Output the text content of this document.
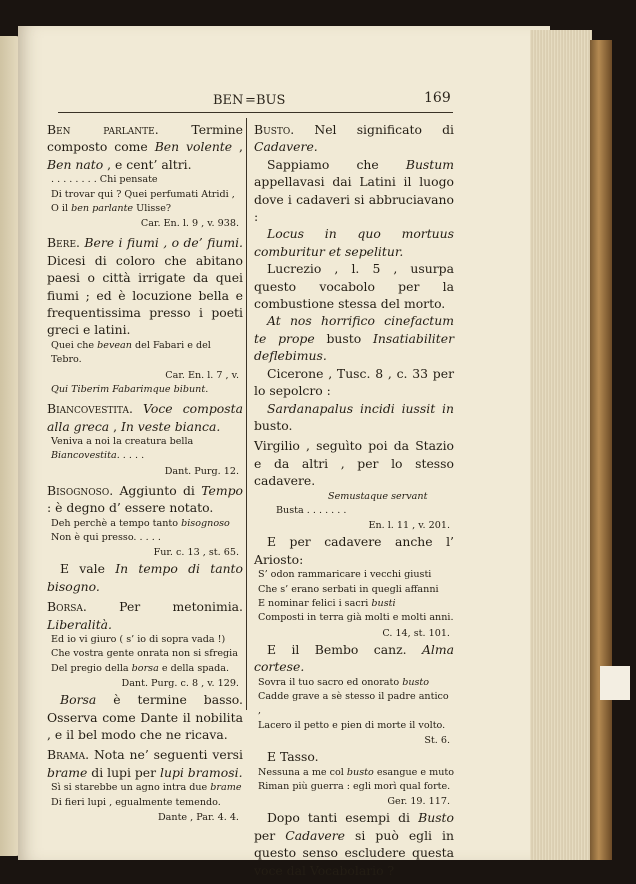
BEN = BUS	169
Ben parlante. Termine composto come Ben volente , Ben nato , e cent’ altri.
. . . . . . . . Chi pensate
Di trovar qui ? Quei perfumati Atridi ,
O il ben parlante Ulisse?
Car. En. l. 9 , v. 938.
Bere. Bere i fiumi , o de’ fiumi. Dicesi di coloro che abitano paesi o città irrigate da quei fiumi ; ed è locuzione bella e frequentissima presso i poeti greci e latini.
Quei che bevean del Fabari e del Tebro.
Car. En. l. 7 , v.
Qui Tiberim Fabarimque bibunt.
Biancovestita. Voce composta alla greca , In veste bianca.
Veniva a noi la creatura bella
Biancovestita. . . . .
Dant. Purg. 12.
Bisognoso. Aggiunto di Tempo : è degno d’ essere notato.
Deh perchè a tempo tanto bisognoso
Non è qui presso. . . . .
Fur. c. 13 , st. 65.
E vale In tempo di tanto bisogno.
Borsa. Per metonimia. Liberalità.
Ed io vi giuro ( s’ io di sopra vada !)
Che vostra gente onrata non si sfregia
Del pregio della borsa e della spada.
Dant. Purg. c. 8 , v. 129.
Borsa è termine basso. Osserva come Dante il nobilita , e il bel modo che ne ricava.
Brama. Nota ne’ seguenti versi brame di lupi per lupi bramosi.
Sì si starebbe un agno intra due brame
Di fieri lupi , egualmente temendo.
Dante , Par. 4. 4.
Busto. Nel significato di Cadavere.
Sappiamo che Bustum appellavasi dai Latini il luogo dove i cadaveri si abbruciavano :
Locus in quo mortuus comburitur et sepelitur.
Lucrezio , l. 5 , usurpa questo vocabolo per la combustione stessa del morto.
At nos horrifico cinefactum te prope busto Insatiabiliter deflebimus.
Cicerone , Tusc. 8 , c. 33 per lo sepolcro :
Sardanapalus incidi iussit in busto.
Virgilio , seguìto poi da Stazio e da altri , per lo stesso cadavere.
Semustaque servant
Busta . . . . . . .
En. l. 11 , v. 201.
E per cadavere anche l’ Ariosto:
S’ odon rammaricare i vecchi giusti
Che s’ erano serbati in quegli affanni
E nominar felici i sacri busti
Composti in terra già molti e molti anni.
C. 14, st. 101.
E il Bembo canz. Alma cortese.
Sovra il tuo sacro ed onorato busto
Cadde grave a sè stesso il padre antico ,
Lacero il petto e pien di morte il volto.
St. 6.
E Tasso.
Nessuna a me col busto esangue e muto
Riman più guerra : egli morì qual forte.
Ger. 19. 117.
Dopo tanti esempi di Busto per Cadavere si può egli in questo senso escludere questa voce dal Vocabolario ?
